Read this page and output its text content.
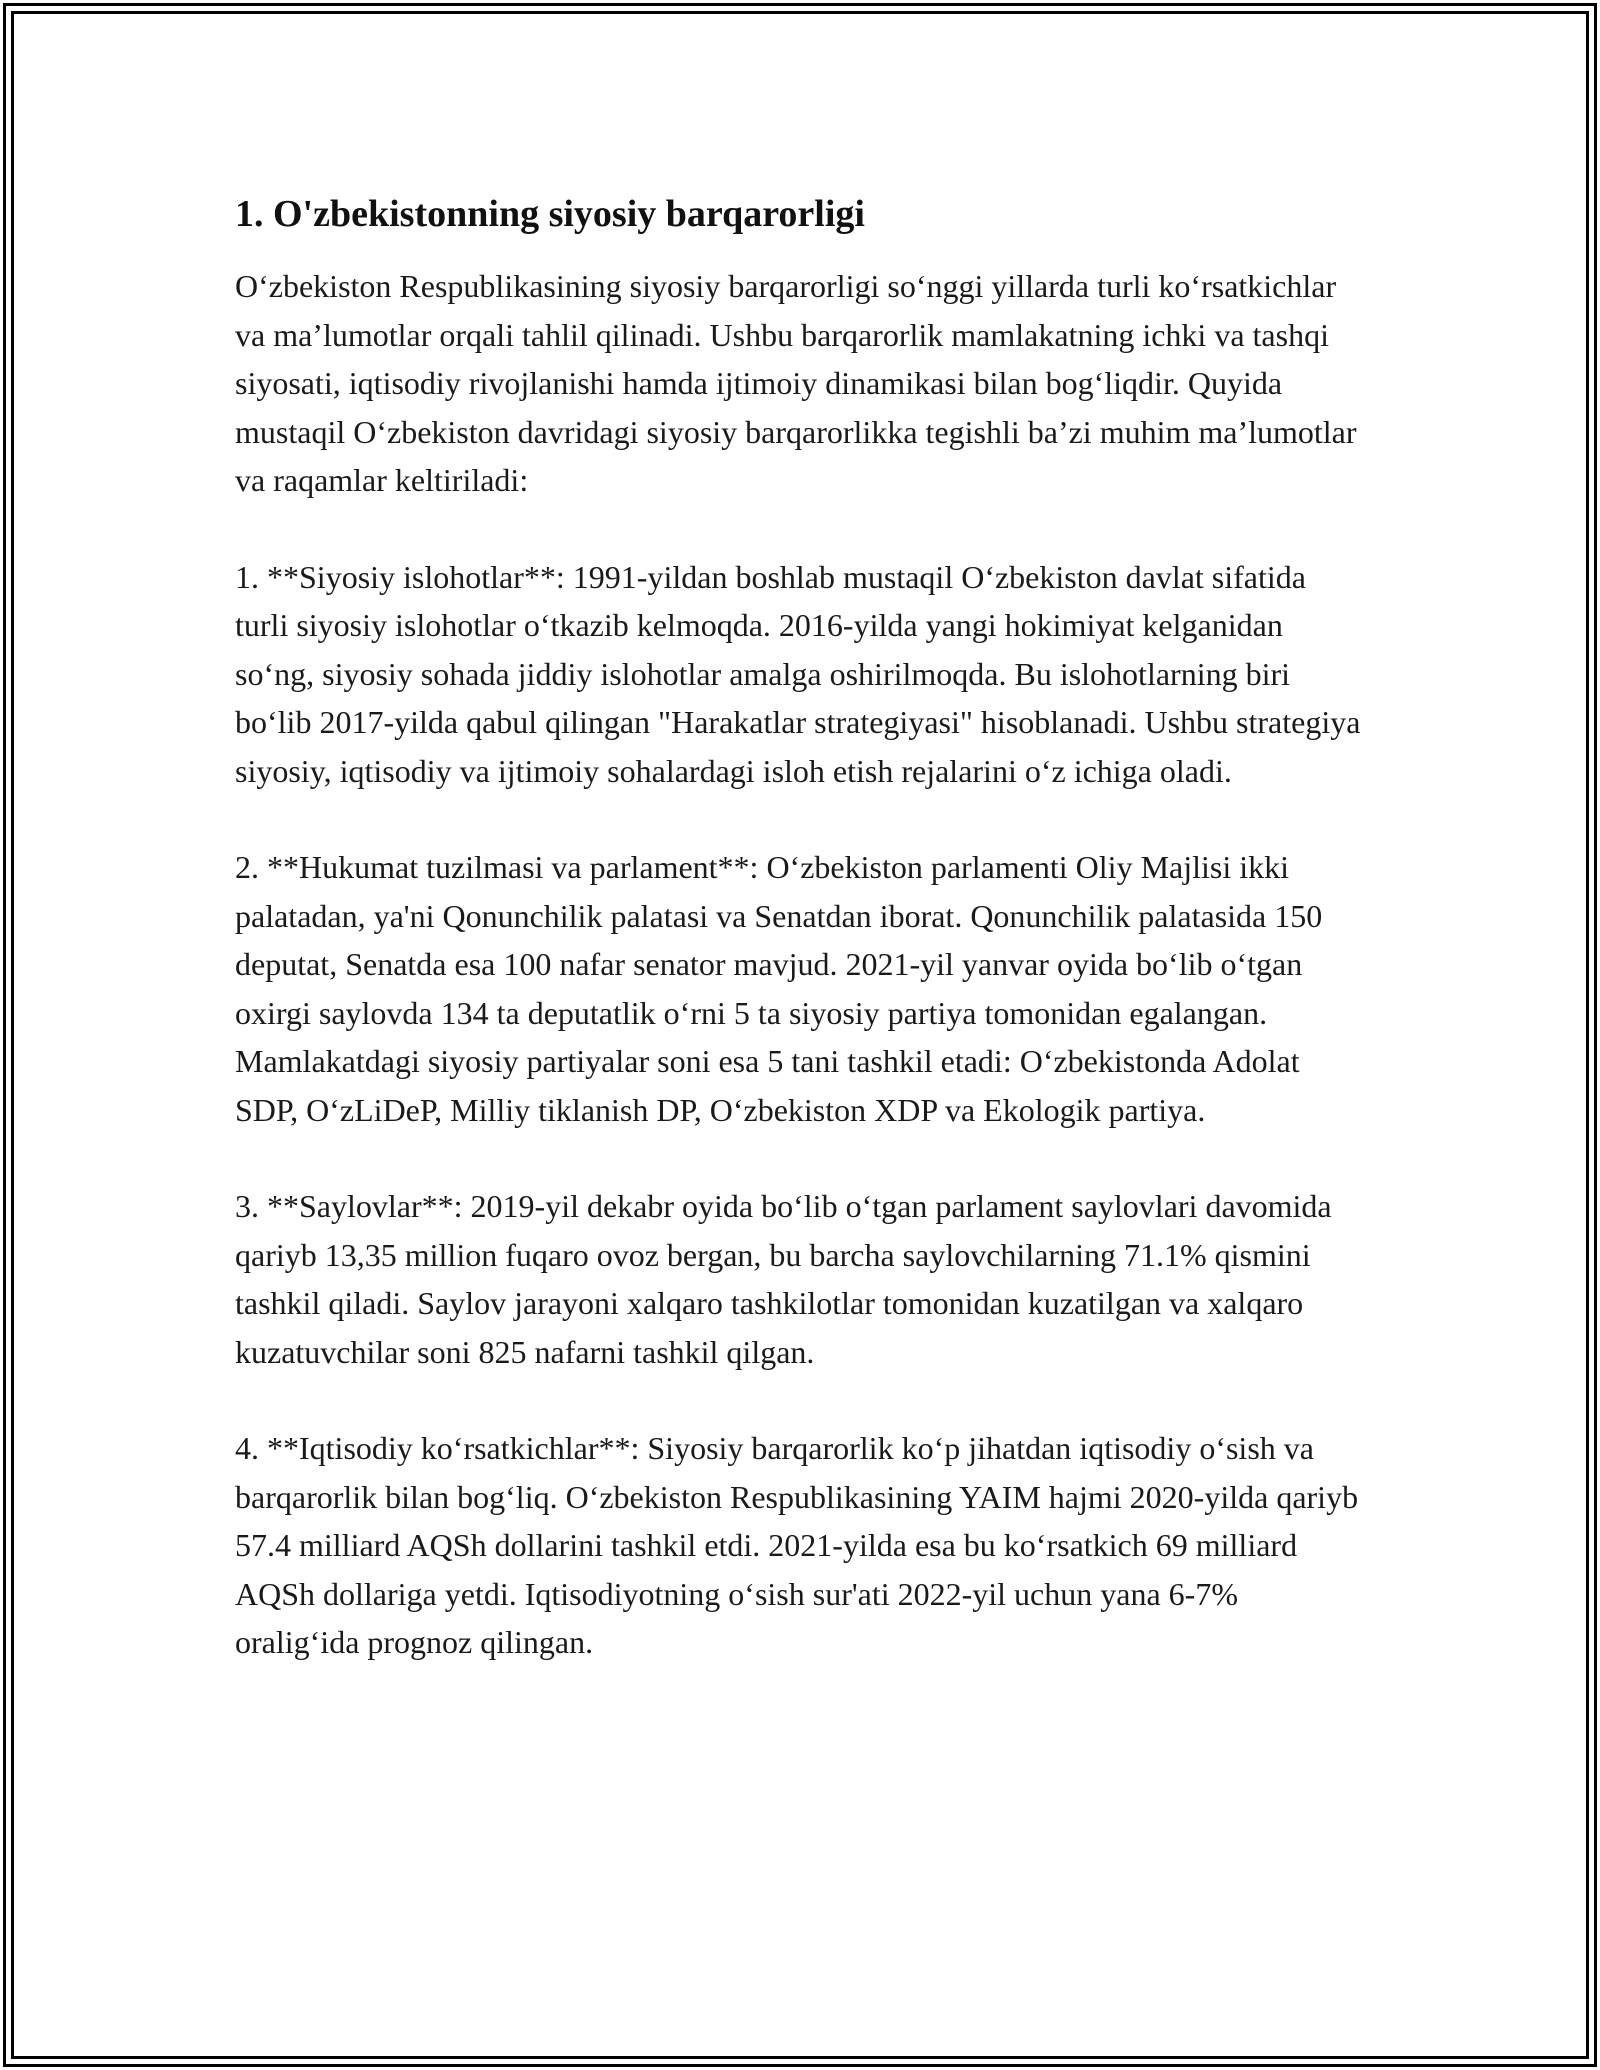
1. O'zbekistonning siyosiy barqarorligi

O‘zbekiston Respublikasining siyosiy barqarorligi so‘nggi yillarda turli ko‘rsatkichlar va ma’lumotlar orqali tahlil qilinadi. Ushbu barqarorlik mamlakatning ichki va tashqi siyosati, iqtisodiy rivojlanishi hamda ijtimoiy dinamikasi bilan bog‘liqdir. Quyida mustaqil O‘zbekiston davridagi siyosiy barqarorlikka tegishli ba’zi muhim ma’lumotlar va raqamlar keltiriladi:

1. **Siyosiy islohotlar**: 1991-yildan boshlab mustaqil O‘zbekiston davlat sifatida turli siyosiy islohotlar o‘tkazib kelmoqda. 2016-yilda yangi hokimiyat kelganidan so‘ng, siyosiy sohada jiddiy islohotlar amalga oshirilmoqda. Bu islohotlarning biri bo‘lib 2017-yilda qabul qilingan "Harakatlar strategiyasi" hisoblanadi. Ushbu strategiya siyosiy, iqtisodiy va ijtimoiy sohalardagi isloh etish rejalarini o‘z ichiga oladi.

2. **Hukumat tuzilmasi va parlament**: O‘zbekiston parlamenti Oliy Majlisi ikki palatadan, ya'ni Qonunchilik palatasi va Senatdan iborat. Qonunchilik palatasida 150 deputat, Senatda esa 100 nafar senator mavjud. 2021-yil yanvar oyida bo‘lib o‘tgan oxirgi saylovda 134 ta deputatlik o‘rni 5 ta siyosiy partiya tomonidan egalangan. Mamlakatdagi siyosiy partiyalar soni esa 5 tani tashkil etadi: O‘zbekistonda Adolat SDP, O‘zLiDeP, Milliy tiklanish DP, O‘zbekiston XDP va Ekologik partiya.

3. **Saylovlar**: 2019-yil dekabr oyida bo‘lib o‘tgan parlament saylovlari davomida qariyb 13,35 million fuqaro ovoz bergan, bu barcha saylovchilarning 71.1% qismini tashkil qiladi. Saylov jarayoni xalqaro tashkilotlar tomonidan kuzatilgan va xalqaro kuzatuvchilar soni 825 nafarni tashkil qilgan.

4. **Iqtisodiy ko‘rsatkichlar**: Siyosiy barqarorlik ko‘p jihatdan iqtisodiy o‘sish va barqarorlik bilan bog‘liq. O‘zbekiston Respublikasining YAIM hajmi 2020-yilda qariyb 57.4 milliard AQSh dollarini tashkil etdi. 2021-yilda esa bu ko‘rsatkich 69 milliard AQSh dollariga yetdi. Iqtisodiyotning o‘sish sur'ati 2022-yil uchun yana 6-7% oralig‘ida prognoz qilingan.
